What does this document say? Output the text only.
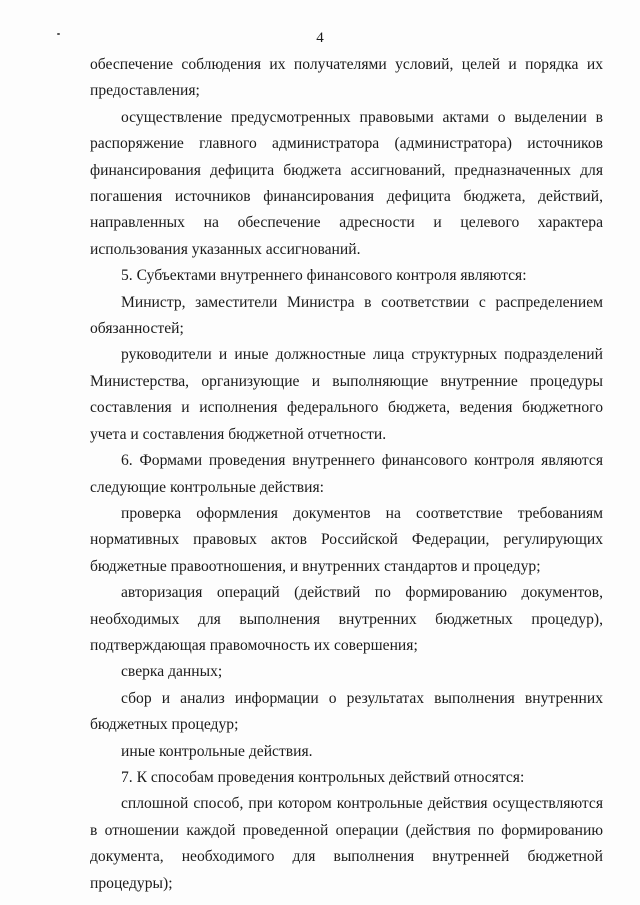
4

обеспечение соблюдения их получателями условий, целей и порядка их предоставления;

осуществление предусмотренных правовыми актами о выделении в распоряжение главного администратора (администратора) источников финансирования дефицита бюджета ассигнований, предназначенных для погашения источников финансирования дефицита бюджета, действий, направленных на обеспечение адресности и целевого характера использования указанных ассигнований.

5. Субъектами внутреннего финансового контроля являются:

Министр, заместители Министра в соответствии с распределением обязанностей;

руководители и иные должностные лица структурных подразделений Министерства, организующие и выполняющие внутренние процедуры составления и исполнения федерального бюджета, ведения бюджетного учета и составления бюджетной отчетности.

6. Формами проведения внутреннего финансового контроля являются следующие контрольные действия:

проверка оформления документов на соответствие требованиям нормативных правовых актов Российской Федерации, регулирующих бюджетные правоотношения, и внутренних стандартов и процедур;

авторизация операций (действий по формированию документов, необходимых для выполнения внутренних бюджетных процедур), подтверждающая правомочность их совершения;

сверка данных;

сбор и анализ информации о результатах выполнения внутренних бюджетных процедур;

иные контрольные действия.

7. К способам проведения контрольных действий относятся:

сплошной способ, при котором контрольные действия осуществляются в отношении каждой проведенной операции (действия по формированию документа, необходимого для выполнения внутренней бюджетной процедуры);
